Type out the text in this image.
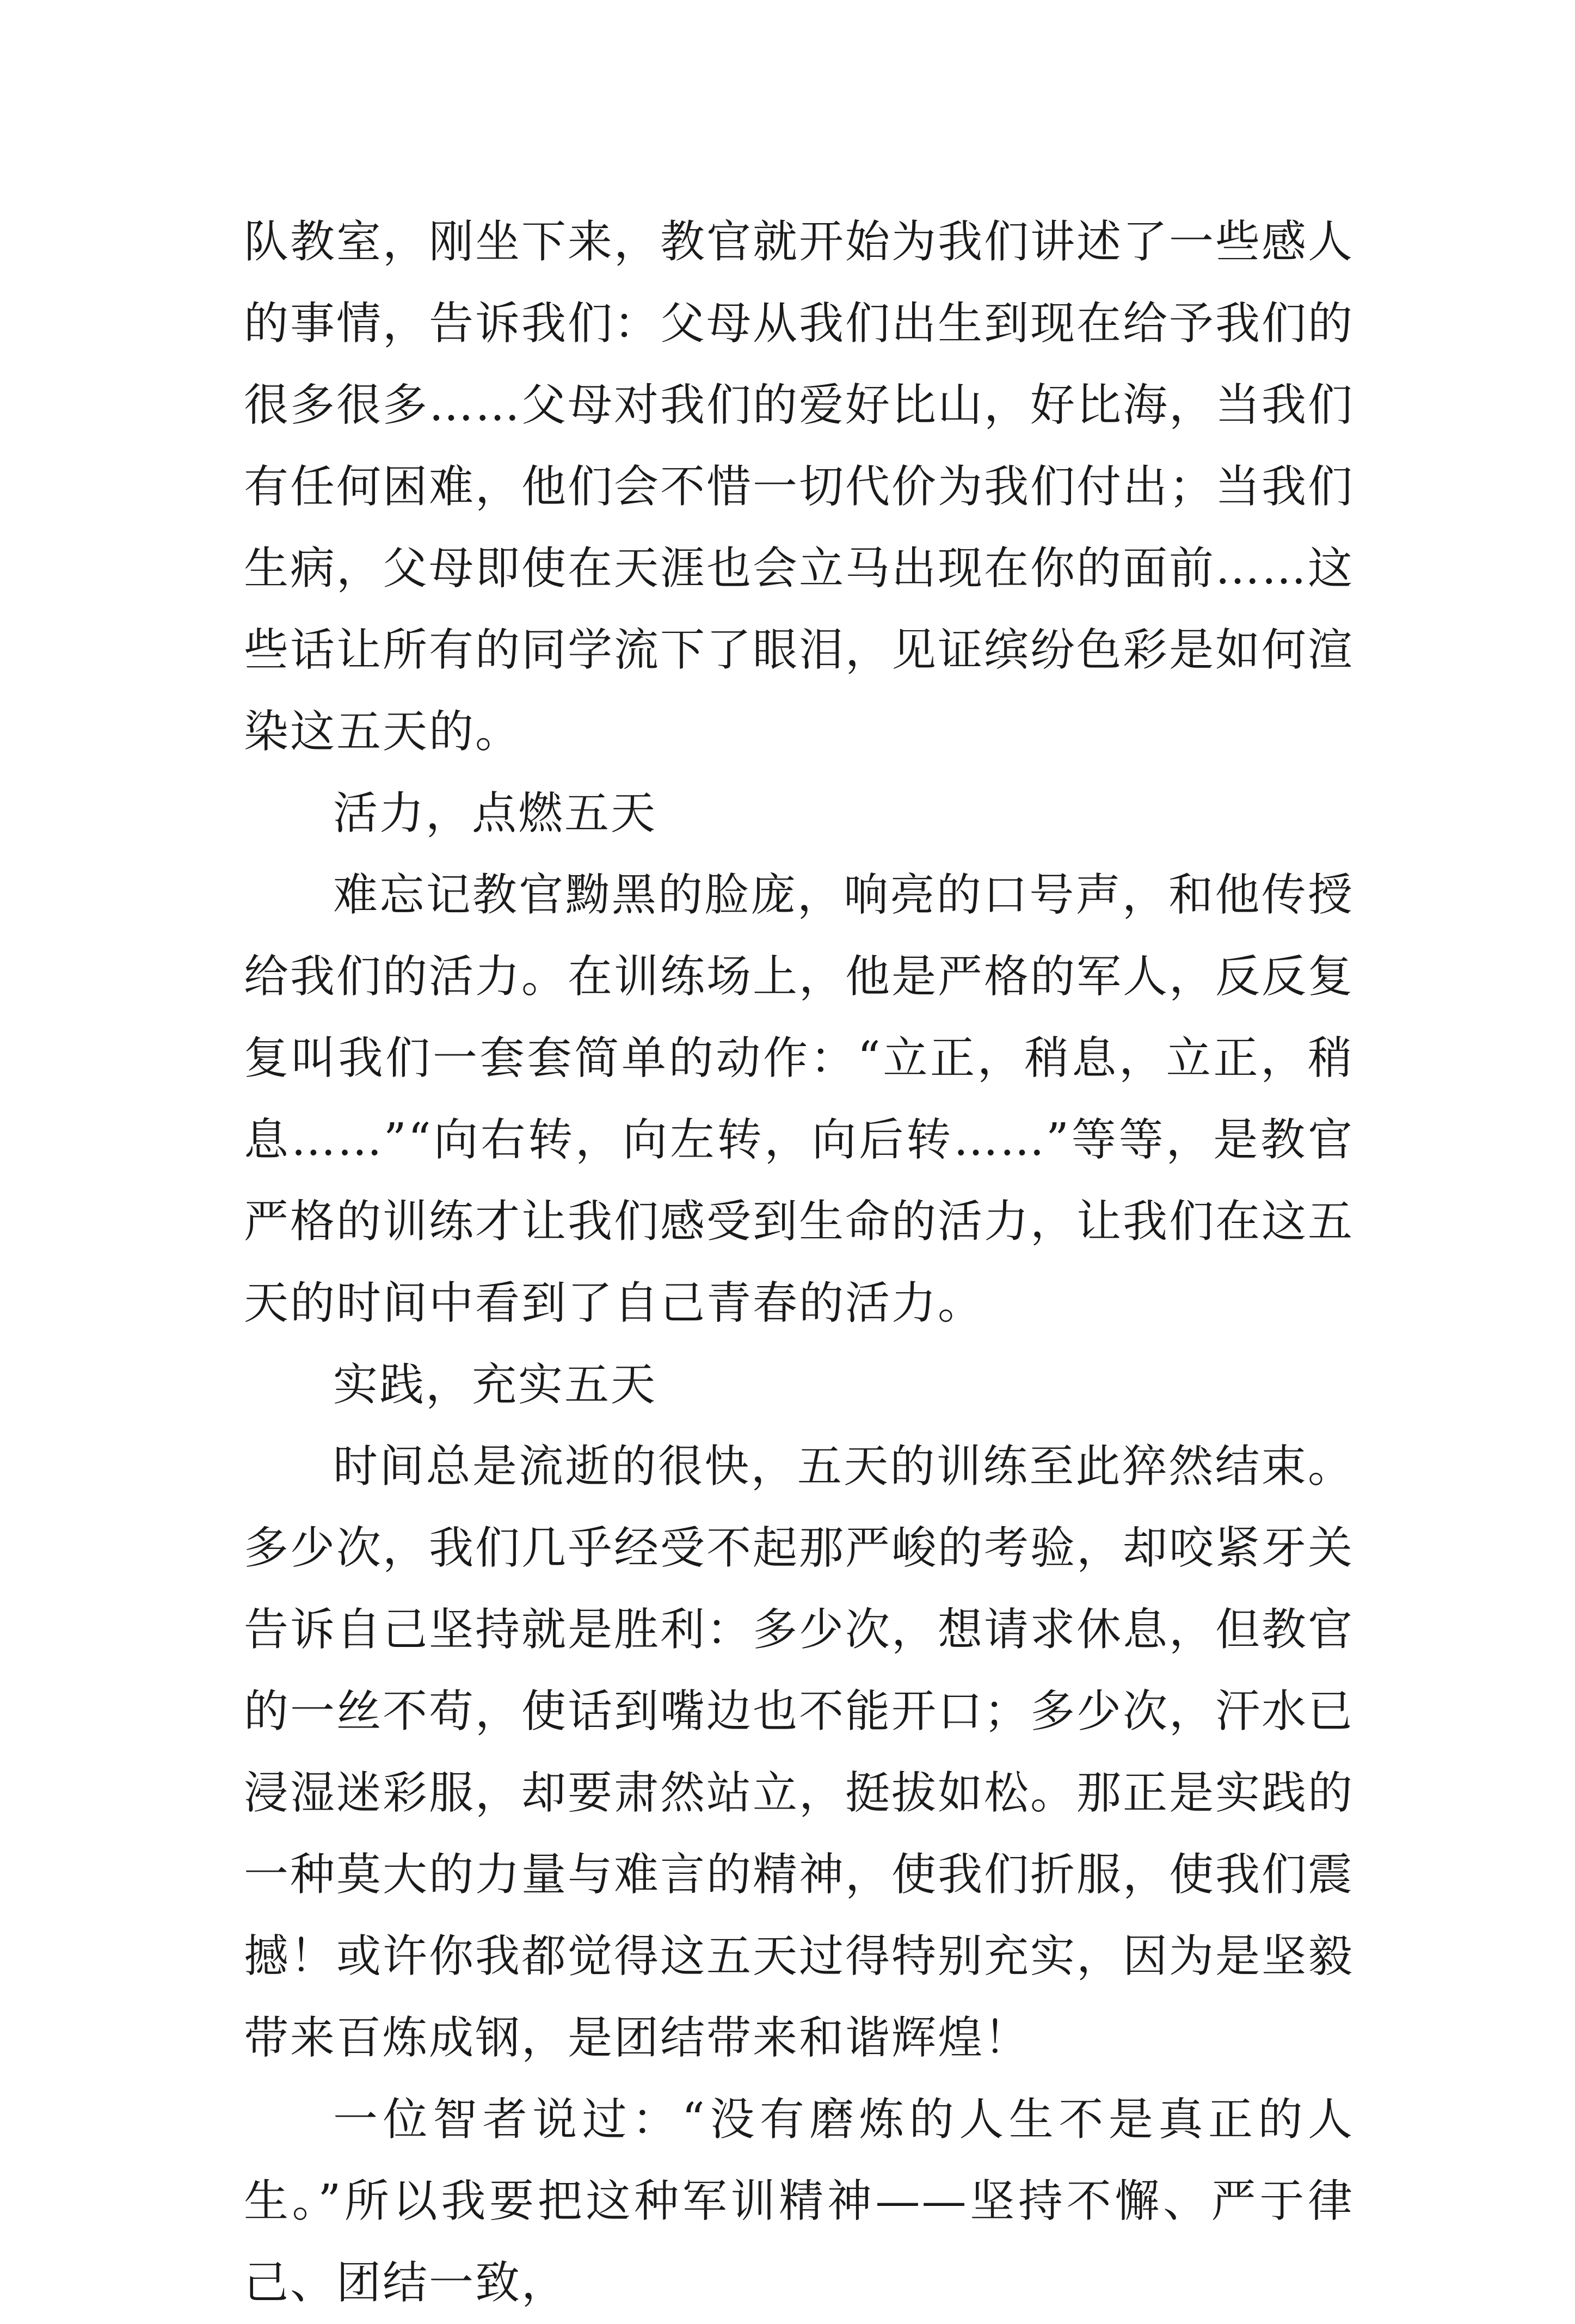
队教室，刚坐下来，教官就开始为我们讲述了一些感人的事情，告诉我们：父母从我们出生到现在给予我们的很多很多……父母对我们的爱好比山，好比海，当我们有任何困难，他们会不惜一切代价为我们付出；当我们生病，父母即使在天涯也会立马出现在你的面前……这些话让所有的同学流下了眼泪，见证缤纷色彩是如何渲染这五天的。

活力，点燃五天

难忘记教官黝黑的脸庞，响亮的口号声，和他传授给我们的活力。在训练场上，他是严格的军人，反反复复叫我们一套套简单的动作：“立正，稍息，立正，稍息……”“向右转，向左转，向后转……”等等，是教官严格的训练才让我们感受到生命的活力，让我们在这五天的时间中看到了自己青春的活力。

实践，充实五天

时间总是流逝的很快，五天的训练至此猝然结束。多少次，我们几乎经受不起那严峻的考验，却咬紧牙关告诉自己坚持就是胜利：多少次，想请求休息，但教官的一丝不苟，使话到嘴边也不能开口；多少次，汗水已浸湿迷彩服，却要肃然站立，挺拔如松。那正是实践的一种莫大的力量与难言的精神，使我们折服，使我们震撼！或许你我都觉得这五天过得特别充实，因为是坚毅带来百炼成钢，是团结带来和谐辉煌！

一位智者说过：“没有磨炼的人生不是真正的人生。”所以我要把这种军训精神——坚持不懈、严于律己、团结一致，
